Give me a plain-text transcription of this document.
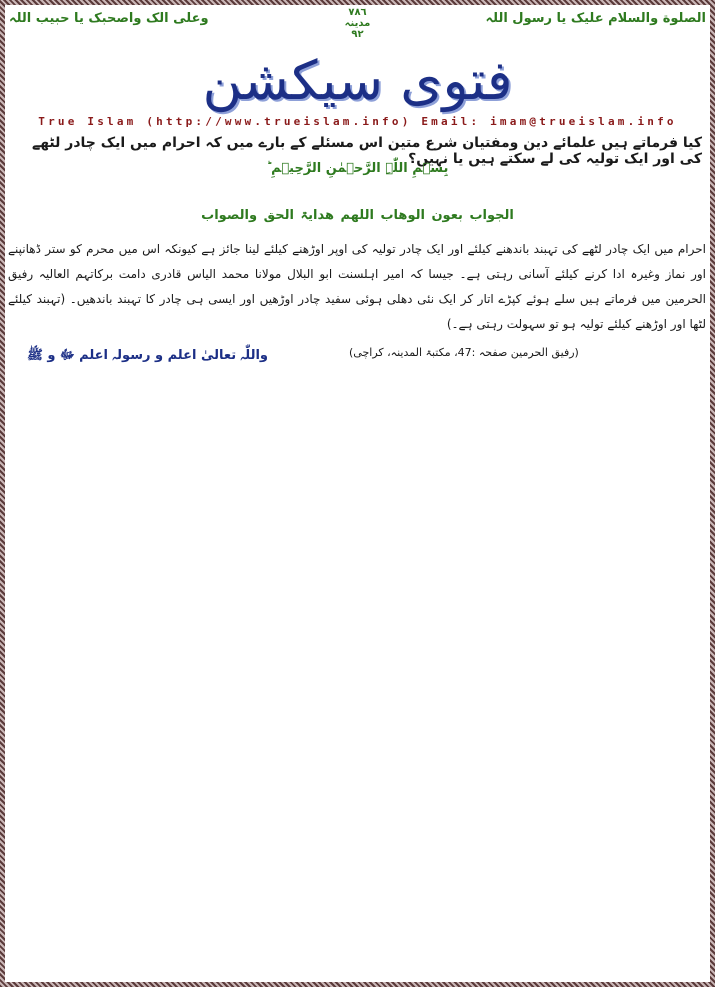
الصلوة والسلام علیک یا رسول اللہ
٧٨٦
مدینہ
٩٢
وعلی الک واصحبک یا حبیب اللہ
فتوی سیکشن
True Islam (http://www.trueislam.info) Email: imam@trueislam.info
کیا فرماتے ہیں علمائے دین ومفتیان شرع متین اس مسئلے کے بارے میں کہ احرام میں ایک چادر لٹھے کی اور ایک تولیہ کی لے سکتے ہیں یا نہیں؟
بِسۡمِ اللّٰہِ الرَّحۡمٰنِ الرَّحِیۡمِ ؕ
الجواب بعون الوھاب اللھم ھدایۃ الحق والصواب
احرام میں ایک چادر لٹھے کی تہبند باندھنے کیلئے اور ایک چادر تولیہ کی اوپر اوڑھنے کیلئے لینا جائز ہے کیونکہ اس میں محرم کو ستر ڈھانپنے اور نماز وغیرہ ادا کرنے کیلئے آسانی رہتی ہے۔ جیسا کہ امیر اہلسنت ابو البلال مولانا محمد الیاس قادری دامت برکاتہم العالیہ رفیق الحرمین میں فرماتے ہیں سلے ہوئے کپڑے اتار کر ایک نئی دھلی ہوئی سفید چادر اوڑھیں اور ایسی ہی چادر کا تہبند باندھیں۔ (تہبند کیلئے لٹھا اور اوڑھنے کیلئے تولیہ ہو تو سہولت رہتی ہے۔)
(رفیق الحرمین صفحہ :47، مکتبۃ المدینہ، کراچی)
واللّٰہ تعالیٰ اعلم و رسولہ اعلم ﷻ و ﷺ
